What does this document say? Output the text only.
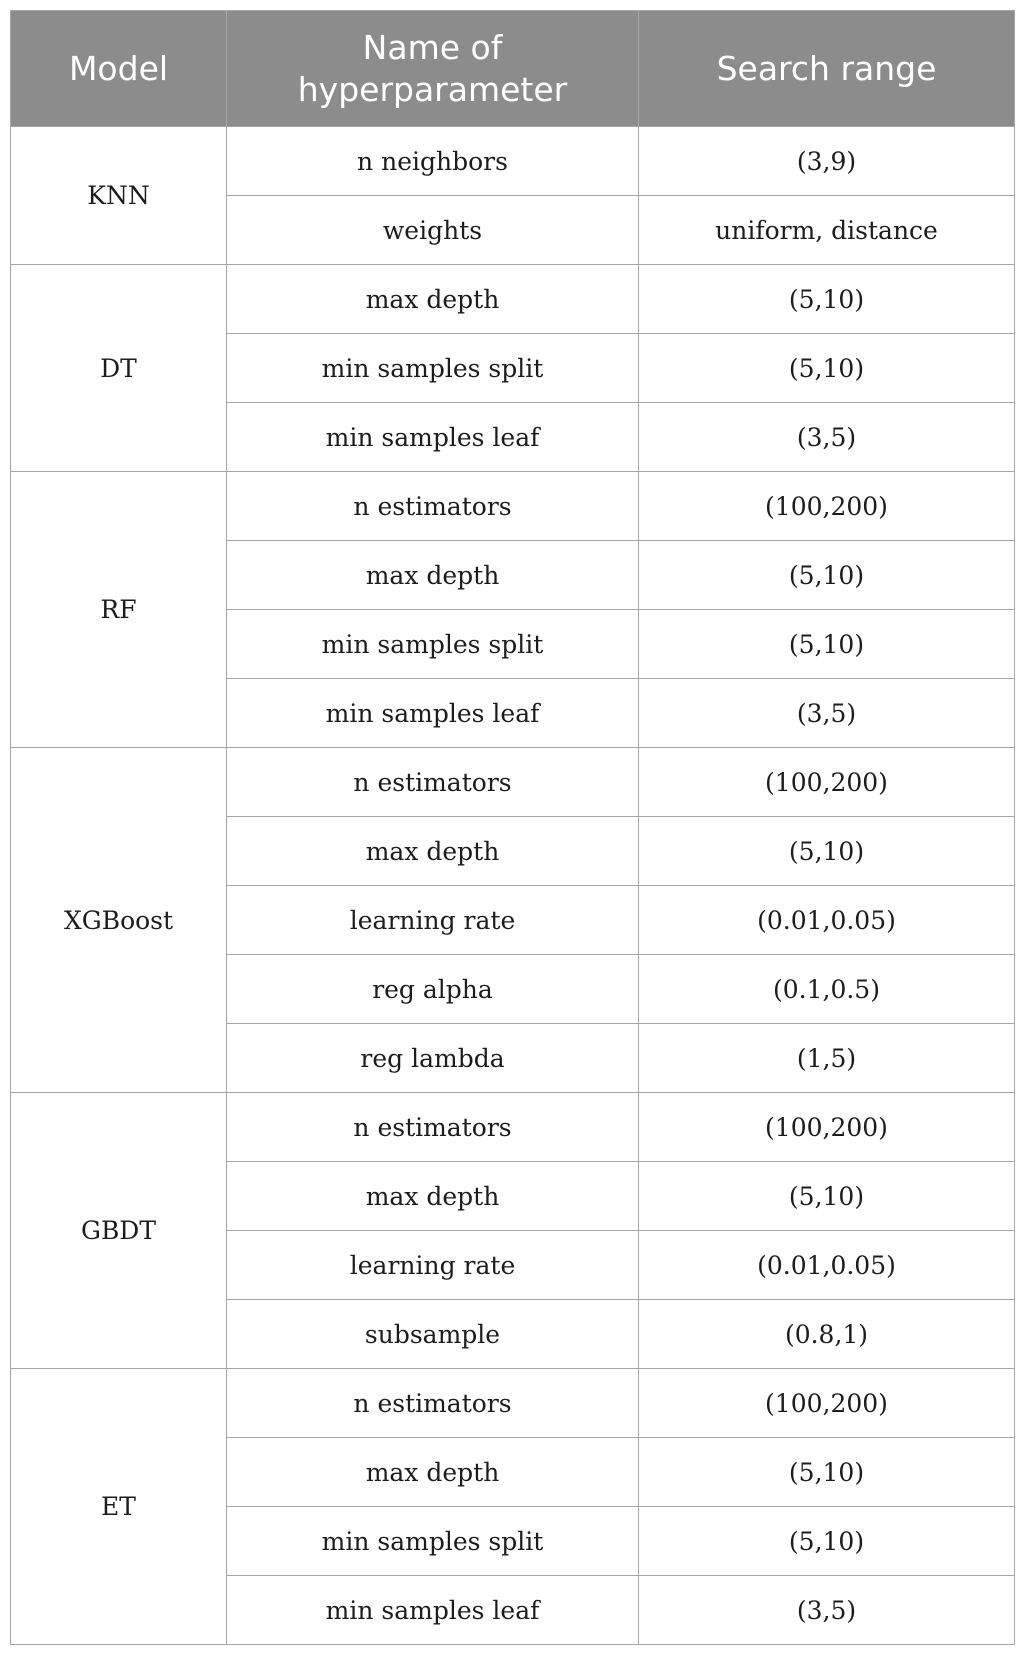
Model	Name of hyperparameter	Search range
KNN	n neighbors	(3,9)
	weights	uniform, distance
DT	max depth	(5,10)
	min samples split	(5,10)
	min samples leaf	(3,5)
RF	n estimators	(100,200)
	max depth	(5,10)
	min samples split	(5,10)
	min samples leaf	(3,5)
XGBoost	n estimators	(100,200)
	max depth	(5,10)
	learning rate	(0.01,0.05)
	reg alpha	(0.1,0.5)
	reg lambda	(1,5)
GBDT	n estimators	(100,200)
	max depth	(5,10)
	learning rate	(0.01,0.05)
	subsample	(0.8,1)
ET	n estimators	(100,200)
	max depth	(5,10)
	min samples split	(5,10)
	min samples leaf	(3,5)
